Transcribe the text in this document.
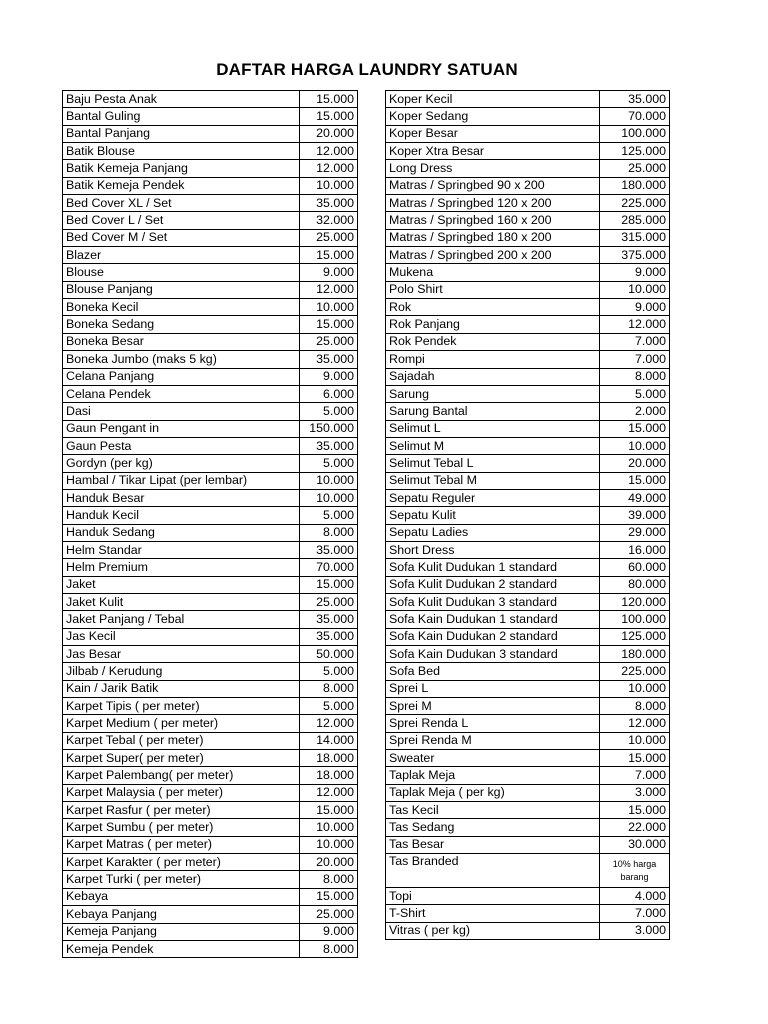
DAFTAR HARGA LAUNDRY SATUAN
Baju Pesta Anak	15.000
Bantal Guling	15.000
Bantal Panjang	20.000
Batik Blouse	12.000
Batik Kemeja Panjang	12.000
Batik Kemeja Pendek	10.000
Bed Cover XL / Set	35.000
Bed Cover L / Set	32.000
Bed Cover M / Set	25.000
Blazer	15.000
Blouse	9.000
Blouse Panjang	12.000
Boneka Kecil	10.000
Boneka Sedang	15.000
Boneka Besar	25.000
Boneka Jumbo (maks 5 kg)	35.000
Celana Panjang	9.000
Celana Pendek	6.000
Dasi	5.000
Gaun Pengant in	150.000
Gaun Pesta	35.000
Gordyn (per kg)	5.000
Hambal / Tikar Lipat (per lembar)	10.000
Handuk Besar	10.000
Handuk Kecil	5.000
Handuk Sedang	8.000
Helm Standar	35.000
Helm Premium	70.000
Jaket	15.000
Jaket Kulit	25.000
Jaket Panjang / Tebal	35.000
Jas Kecil	35.000
Jas Besar	50.000
Jilbab / Kerudung	5.000
Kain / Jarik Batik	8.000
Karpet Tipis ( per meter)	5.000
Karpet Medium ( per meter)	12.000
Karpet Tebal ( per meter)	14.000
Karpet Super( per meter)	18.000
Karpet Palembang( per meter)	18.000
Karpet Malaysia ( per meter)	12.000
Karpet Rasfur ( per meter)	15.000
Karpet Sumbu ( per meter)	10.000
Karpet Matras ( per meter)	10.000
Karpet Karakter ( per meter)	20.000
Karpet Turki ( per meter)	8.000
Kebaya	15.000
Kebaya Panjang	25.000
Kemeja Panjang	9.000
Kemeja Pendek	8.000
Koper Kecil	35.000
Koper Sedang	70.000
Koper Besar	100.000
Koper Xtra Besar	125.000
Long Dress	25.000
Matras / Springbed 90 x 200	180.000
Matras / Springbed 120 x 200	225.000
Matras / Springbed 160 x 200	285.000
Matras / Springbed 180 x 200	315.000
Matras / Springbed 200 x 200	375.000
Mukena	9.000
Polo Shirt	10.000
Rok	9.000
Rok Panjang	12.000
Rok Pendek	7.000
Rompi	7.000
Sajadah	8.000
Sarung	5.000
Sarung Bantal	2.000
Selimut L	15.000
Selimut M	10.000
Selimut Tebal L	20.000
Selimut Tebal M	15.000
Sepatu Reguler	49.000
Sepatu Kulit	39.000
Sepatu Ladies	29.000
Short Dress	16.000
Sofa Kulit Dudukan 1 standard	60.000
Sofa Kulit Dudukan 2 standard	80.000
Sofa Kulit Dudukan 3 standard	120.000
Sofa Kain Dudukan 1 standard	100.000
Sofa Kain Dudukan 2 standard	125.000
Sofa Kain Dudukan 3 standard	180.000
Sofa Bed	225.000
Sprei L	10.000
Sprei M	8.000
Sprei Renda L	12.000
Sprei Renda M	10.000
Sweater	15.000
Taplak Meja	7.000
Taplak Meja ( per kg)	3.000
Tas Kecil	15.000
Tas Sedang	22.000
Tas Besar	30.000
Tas Branded	10% harga barang
Topi	4.000
T-Shirt	7.000
Vitras ( per kg)	3.000
